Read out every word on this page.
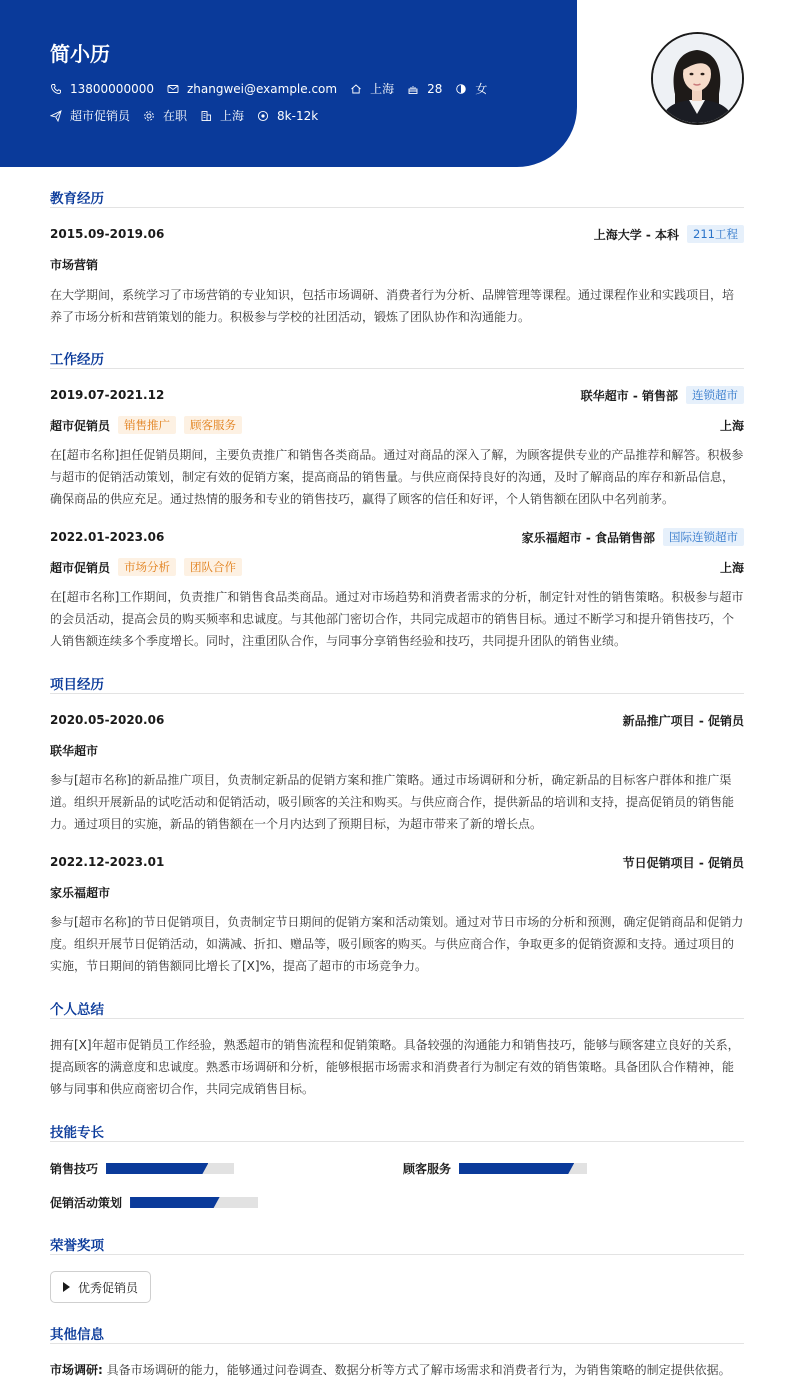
简小历
13800000000	zhangwei@example.com	上海	28	女
超市促销员	在职	上海	8k-12k
教育经历
2015.09-2019.06	上海大学 - 本科	211工程
市场营销
在大学期间，系统学习了市场营销的专业知识，包括市场调研、消费者行为分析、品牌管理等课程。通过课程作业和实践项目，培养了市场分析和营销策划的能力。积极参与学校的社团活动，锻炼了团队协作和沟通能力。
工作经历
2019.07-2021.12	联华超市 - 销售部	连锁超市
超市促销员	销售推广	顾客服务	上海
在[超市名称]担任促销员期间，主要负责推广和销售各类商品。通过对商品的深入了解，为顾客提供专业的产品推荐和解答。积极参与超市的促销活动策划，制定有效的促销方案，提高商品的销售量。与供应商保持良好的沟通，及时了解商品的库存和新品信息，确保商品的供应充足。通过热情的服务和专业的销售技巧，赢得了顾客的信任和好评，个人销售额在团队中名列前茅。
2022.01-2023.06	家乐福超市 - 食品销售部	国际连锁超市
超市促销员	市场分析	团队合作	上海
在[超市名称]工作期间，负责推广和销售食品类商品。通过对市场趋势和消费者需求的分析，制定针对性的销售策略。积极参与超市的会员活动，提高会员的购买频率和忠诚度。与其他部门密切合作，共同完成超市的销售目标。通过不断学习和提升销售技巧，个人销售额连续多个季度增长。同时，注重团队合作，与同事分享销售经验和技巧，共同提升团队的销售业绩。
项目经历
2020.05-2020.06	新品推广项目 - 促销员
联华超市
参与[超市名称]的新品推广项目，负责制定新品的促销方案和推广策略。通过市场调研和分析，确定新品的目标客户群体和推广渠道。组织开展新品的试吃活动和促销活动，吸引顾客的关注和购买。与供应商合作，提供新品的培训和支持，提高促销员的销售能力。通过项目的实施，新品的销售额在一个月内达到了预期目标，为超市带来了新的增长点。
2022.12-2023.01	节日促销项目 - 促销员
家乐福超市
参与[超市名称]的节日促销项目，负责制定节日期间的促销方案和活动策划。通过对节日市场的分析和预测，确定促销商品和促销力度。组织开展节日促销活动，如满减、折扣、赠品等，吸引顾客的购买。与供应商合作，争取更多的促销资源和支持。通过项目的实施，节日期间的销售额同比增长了[X]%，提高了超市的市场竞争力。
个人总结
拥有[X]年超市促销员工作经验，熟悉超市的销售流程和促销策略。具备较强的沟通能力和销售技巧，能够与顾客建立良好的关系，提高顾客的满意度和忠诚度。熟悉市场调研和分析，能够根据市场需求和消费者行为制定有效的销售策略。具备团队合作精神，能够与同事和供应商密切合作，共同完成销售目标。
技能专长
销售技巧	顾客服务
促销活动策划
荣誉奖项
优秀促销员
其他信息
市场调研: 具备市场调研的能力，能够通过问卷调查、数据分析等方式了解市场需求和消费者行为，为销售策略的制定提供依据。
